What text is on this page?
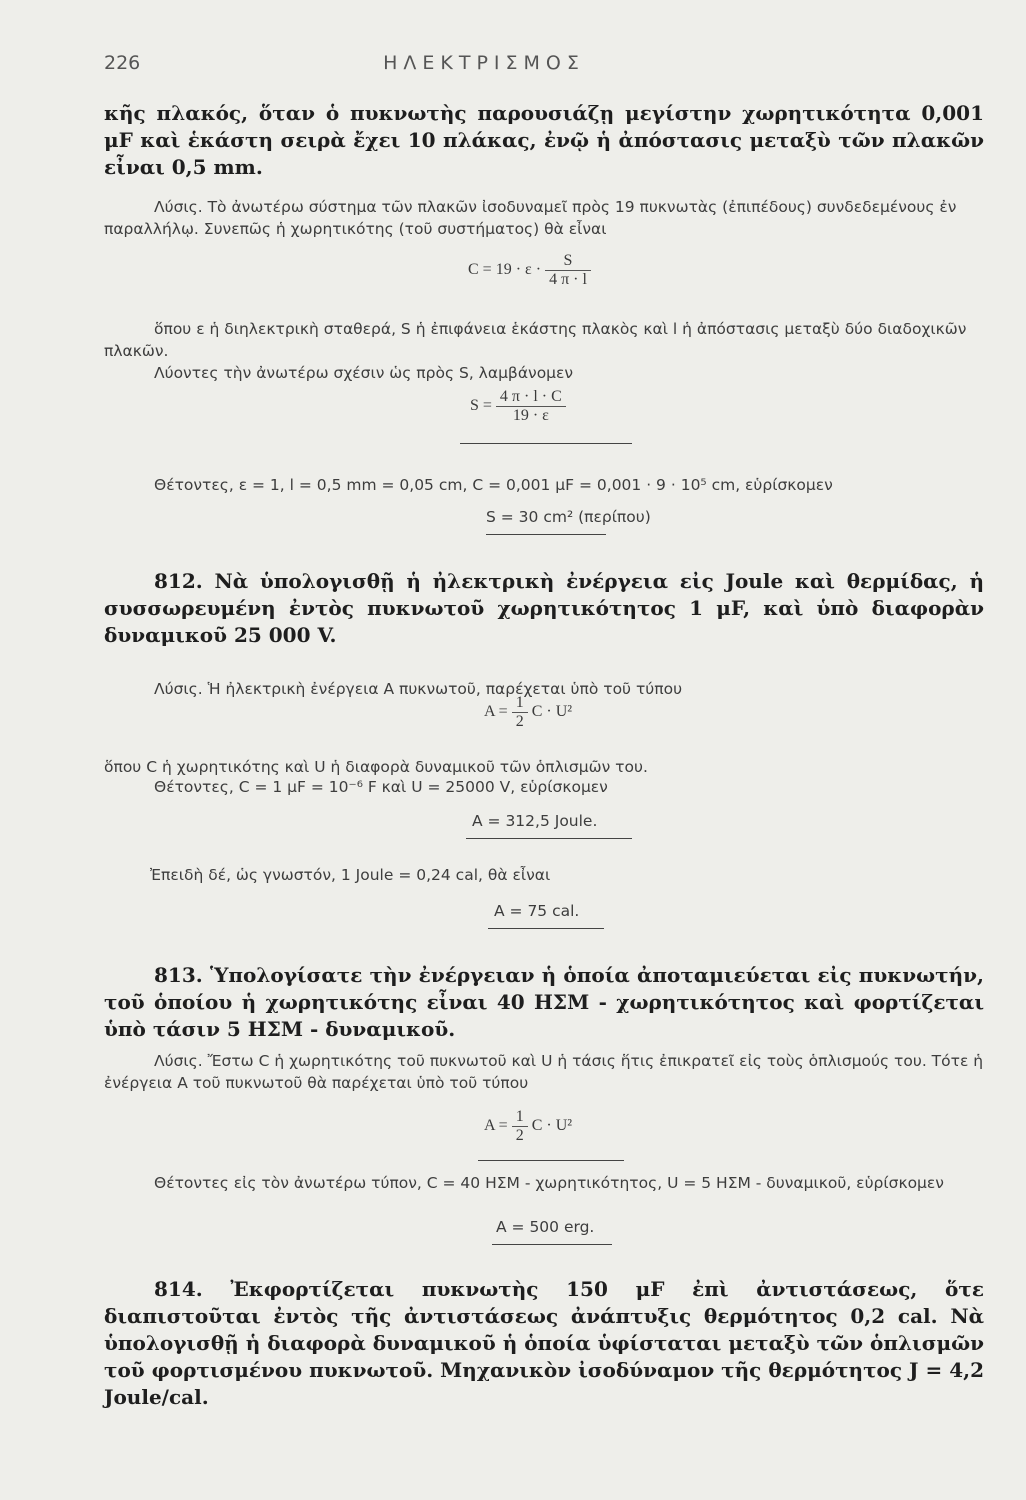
226	ΗΛΕΚΤΡΙΣΜΟΣ
κῆς πλακός, ὅταν ὁ πυκνωτὴς παρουσιάζῃ μεγίστην χωρητικότητα 0,001 μF καὶ ἑκάστη σειρὰ ἔχει 10 πλάκας, ἐνῷ ἡ ἀπόστασις μεταξὺ τῶν πλακῶν εἶναι 0,5 mm.
Λύσις. Τὸ ἀνωτέρω σύστημα τῶν πλακῶν ἰσοδυναμεῖ πρὸς 19 πυκνωτὰς (ἐπιπέδους) συνδεδεμένους ἐν παραλλήλῳ. Συνεπῶς ἡ χωρητικότης (τοῦ συστήματος) θὰ εἶναι
$C = 19 \cdot \varepsilon \cdot \frac{S}{4 \pi \cdot l}$
ὅπου ε ἡ διηλεκτρικὴ σταθερά, S ἡ ἐπιφάνεια ἑκάστης πλακὸς καὶ l ἡ ἀπόστασις μεταξὺ δύο διαδοχικῶν πλακῶν.
Λύοντες τὴν ἀνωτέρω σχέσιν ὡς πρὸς S, λαμβάνομεν
$S = \frac{4 \pi \cdot l \cdot C}{19 \cdot \varepsilon}$
Θέτοντες, ε = 1, l = 0,5 mm = 0,05 cm, C = 0,001 μF = 0,001 · 9 · 10⁵ cm, εὑρίσκομεν
S = 30 cm² (περίπου)
812. Νὰ ὑπολογισθῇ ἡ ἠλεκτρικὴ ἐνέργεια εἰς Joule καὶ θερμίδας, ἡ συσσωρευμένη ἐντὸς πυκνωτοῦ χωρητικότητος 1 μF, καὶ ὑπὸ διαφορὰν δυναμικοῦ 25 000 V.
Λύσις. Ἡ ἠλεκτρικὴ ἐνέργεια A πυκνωτοῦ, παρέχεται ὑπὸ τοῦ τύπου
$A = \frac{1}{2}$ C · U²
ὅπου C ἡ χωρητικότης καὶ U ἡ διαφορὰ δυναμικοῦ τῶν ὁπλισμῶν του.
Θέτοντες, C = 1 μF = 10⁻⁶ F καὶ U = 25000 V, εὑρίσκομεν
A = 312,5 Joule.
Ἐπειδὴ δέ, ὡς γνωστόν, 1 Joule = 0,24 cal, θὰ εἶναι
A = 75 cal.
813. Ὑπολογίσατε τὴν ἐνέργειαν ἡ ὁποία ἀποταμιεύεται εἰς πυκνωτήν, τοῦ ὁποίου ἡ χωρητικότης εἶναι 40 ΗΣΜ - χωρητικότητος καὶ φορτίζεται ὑπὸ τάσιν 5 ΗΣΜ - δυναμικοῦ.
Λύσις. Ἔστω C ἡ χωρητικότης τοῦ πυκνωτοῦ καὶ U ἡ τάσις ἥτις ἐπικρατεῖ εἰς τοὺς ὁπλισμούς του. Τότε ἡ ἐνέργεια A τοῦ πυκνωτοῦ θὰ παρέχεται ὑπὸ τοῦ τύπου
$A = \frac{1}{2}$ C · U²
Θέτοντες εἰς τὸν ἀνωτέρω τύπον, C = 40 ΗΣΜ - χωρητικότητος, U = 5 ΗΣΜ - δυναμικοῦ, εὑρίσκομεν
A = 500 erg.
814. Ἐκφορτίζεται πυκνωτὴς 150 μF ἐπὶ ἀντιστάσεως, ὅτε διαπιστοῦται ἐντὸς τῆς ἀντιστάσεως ἀνάπτυξις θερμότητος 0,2 cal. Νὰ ὑπολογισθῇ ἡ διαφορὰ δυναμικοῦ ἡ ὁποία ὑφίσταται μεταξὺ τῶν ὁπλισμῶν τοῦ φορτισμένου πυκνωτοῦ. Μηχανικὸν ἰσοδύναμον τῆς θερμότητος J = 4,2 Joule/cal.
